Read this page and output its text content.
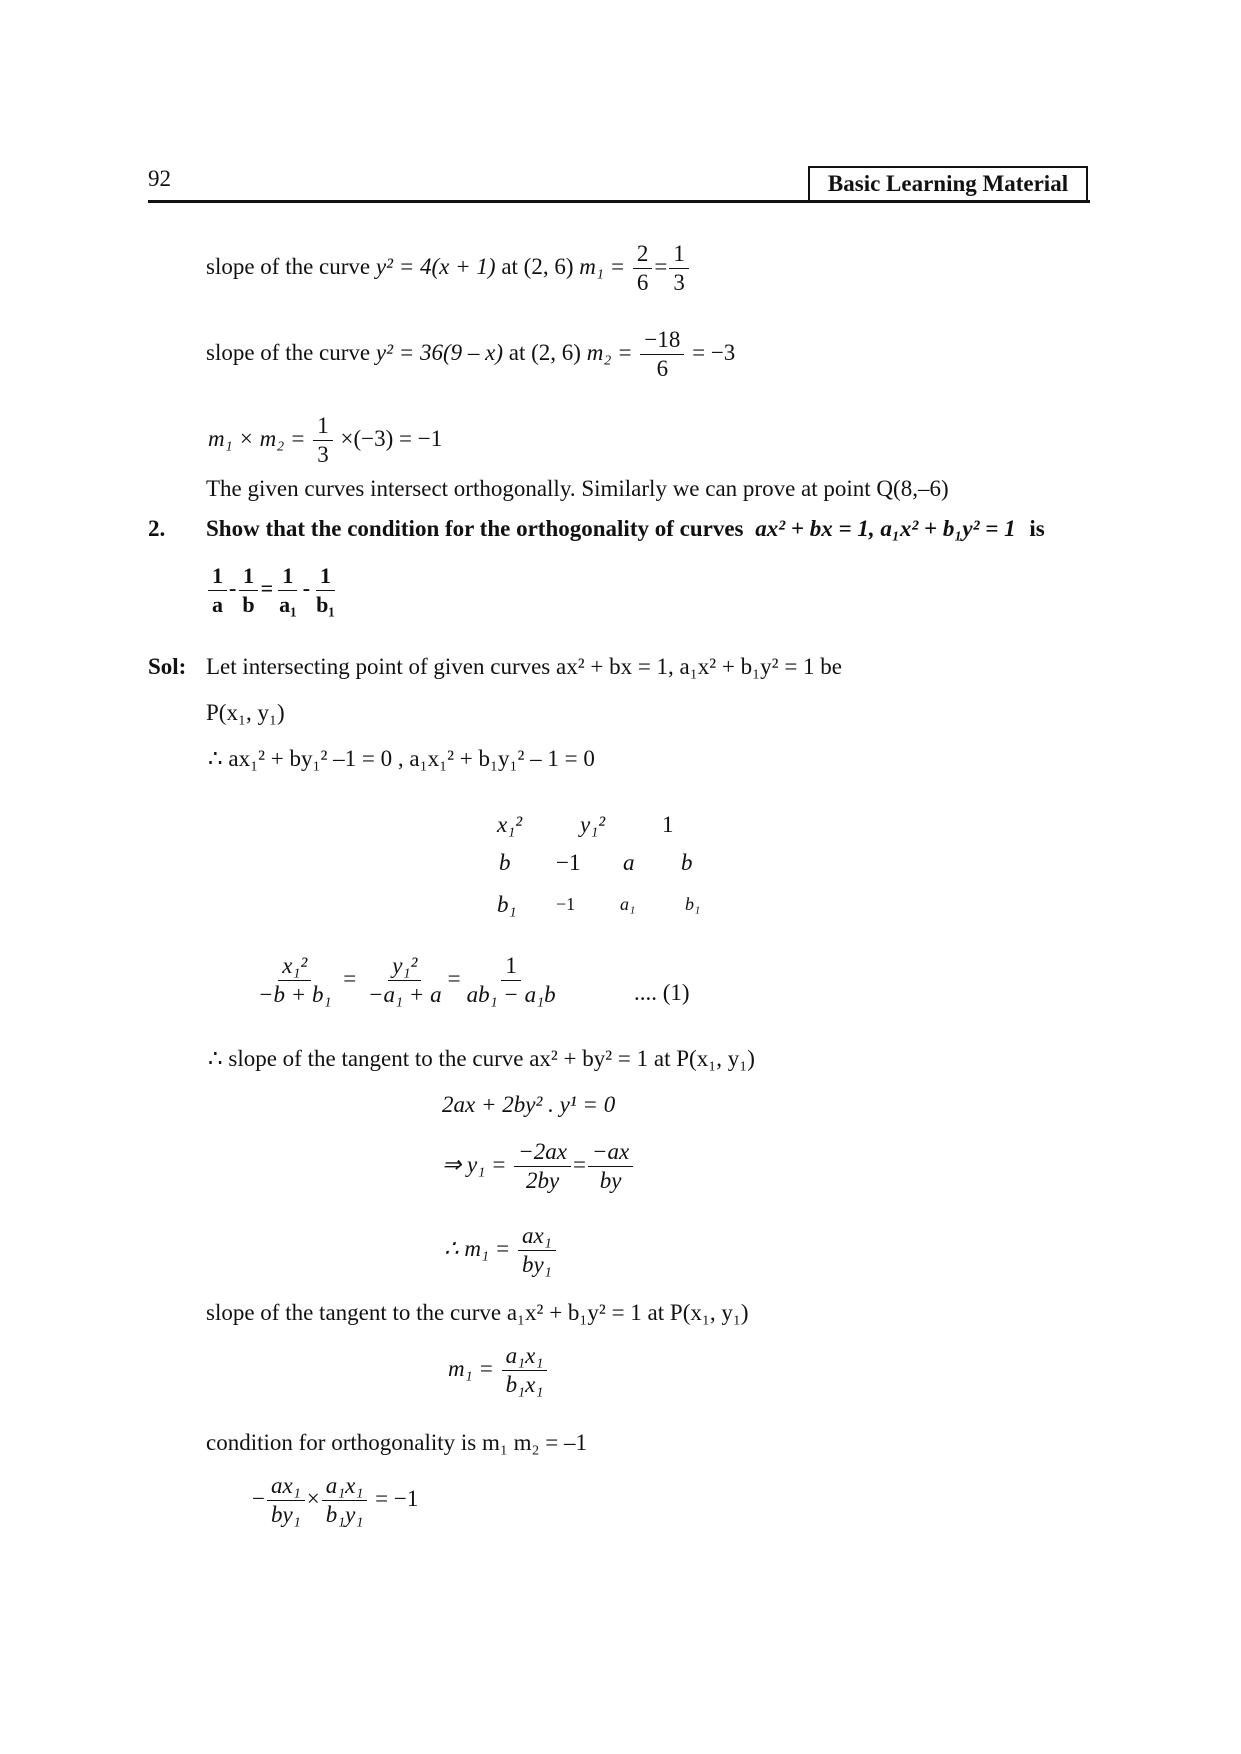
92	Basic Learning Material
slope of the curve y² = 4(x + 1) at (2, 6) $m_1 = \frac{2}{6} = \frac{1}{3}$
slope of the curve y² = 36(9 – x) at (2, 6) $m_2 = \frac{-18}{6} = -3$
$m_1 \times m_2 = \frac{1}{3} \times(-3) = -1$
The given curves intersect orthogonally. Similarly we can prove at point Q(8,–6)
2. Show that the condition for the orthogonality of curves ax² + bx = 1, a₁x² + b₁y² = 1 is
$\frac{1}{a} - \frac{1}{b} = \frac{1}{\text{a₁}} - \frac{1}{\text{b₁}}$
Sol: Let intersecting point of given curves ax² + bx = 1, a₁x² + b₁y² = 1 be
P(x₁, y₁)
∴ ax₁² + by₁² –1 = 0 , a₁x₁² + b₁y₁² – 1 = 0
x₁²	y₁² 1
b −1 a b
b₁ −1 a₁	b₁
$\frac{\text{x₁²}}{\text{−b + b₁}} = \frac{\text{y₁²}}{\text{−a₁ + a}} = \frac{1}{\text{ab₁ − a₁b}}$	.... (1)
∴ slope of the tangent to the curve ax² + by² = 1 at P(x₁, y₁)
2ax + 2by² . y¹ = 0
⇒ $y_1 = \frac{-2ax}{2by} = \frac{-ax}{by}$
∴ $m_1 = \frac{\text{ax₁}}{\text{by₁}}$
slope of the tangent to the curve a₁x² + b₁y² = 1 at P(x₁, y₁)
$m_1 = \frac{\text{a₁x₁}}{\text{b₁x₁}}$
condition for orthogonality is m₁ m₂ = –1
− $\frac{\text{ax₁}}{\text{by₁}} \times \frac{\text{a₁x₁}}{\text{b₁y₁}} = -1$
